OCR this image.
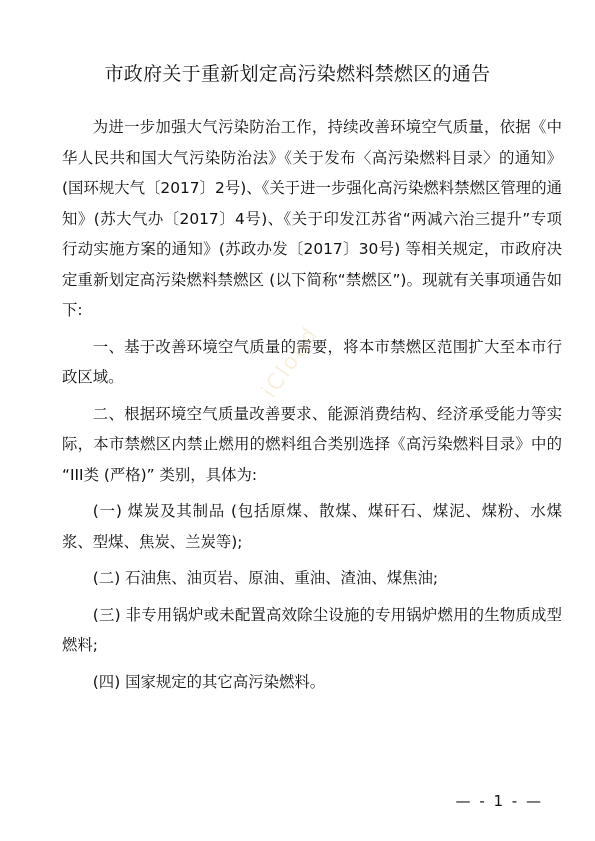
市政府关于重新划定高污染燃料禁燃区的通告

为进一步加强大气污染防治工作，持续改善环境空气质量，依据《中华人民共和国大气污染防治法》《关于发布〈高污染燃料目录〉的通知》(国环规大气〔2017〕2号)、《关于进一步强化高污染燃料禁燃区管理的通知》(苏大气办〔2017〕4号)、《关于印发江苏省“两减六治三提升”专项行动实施方案的通知》(苏政办发〔2017〕30号) 等相关规定，市政府决定重新划定高污染燃料禁燃区 (以下简称“禁燃区”)。现就有关事项通告如下:

一、基于改善环境空气质量的需要，将本市禁燃区范围扩大至本市行政区域。

二、根据环境空气质量改善要求、能源消费结构、经济承受能力等实际，本市禁燃区内禁止燃用的燃料组合类别选择《高污染燃料目录》中的 “III类 (严格)” 类别，具体为:

(一) 煤炭及其制品 (包括原煤、散煤、煤矸石、煤泥、煤粉、水煤浆、型煤、焦炭、兰炭等);

(二) 石油焦、油页岩、原油、重油、渣油、煤焦油;

(三) 非专用锅炉或未配置高效除尘设施的专用锅炉燃用的生物质成型燃料;

(四) 国家规定的其它高污染燃料。

iCloud
— - 1 - —
